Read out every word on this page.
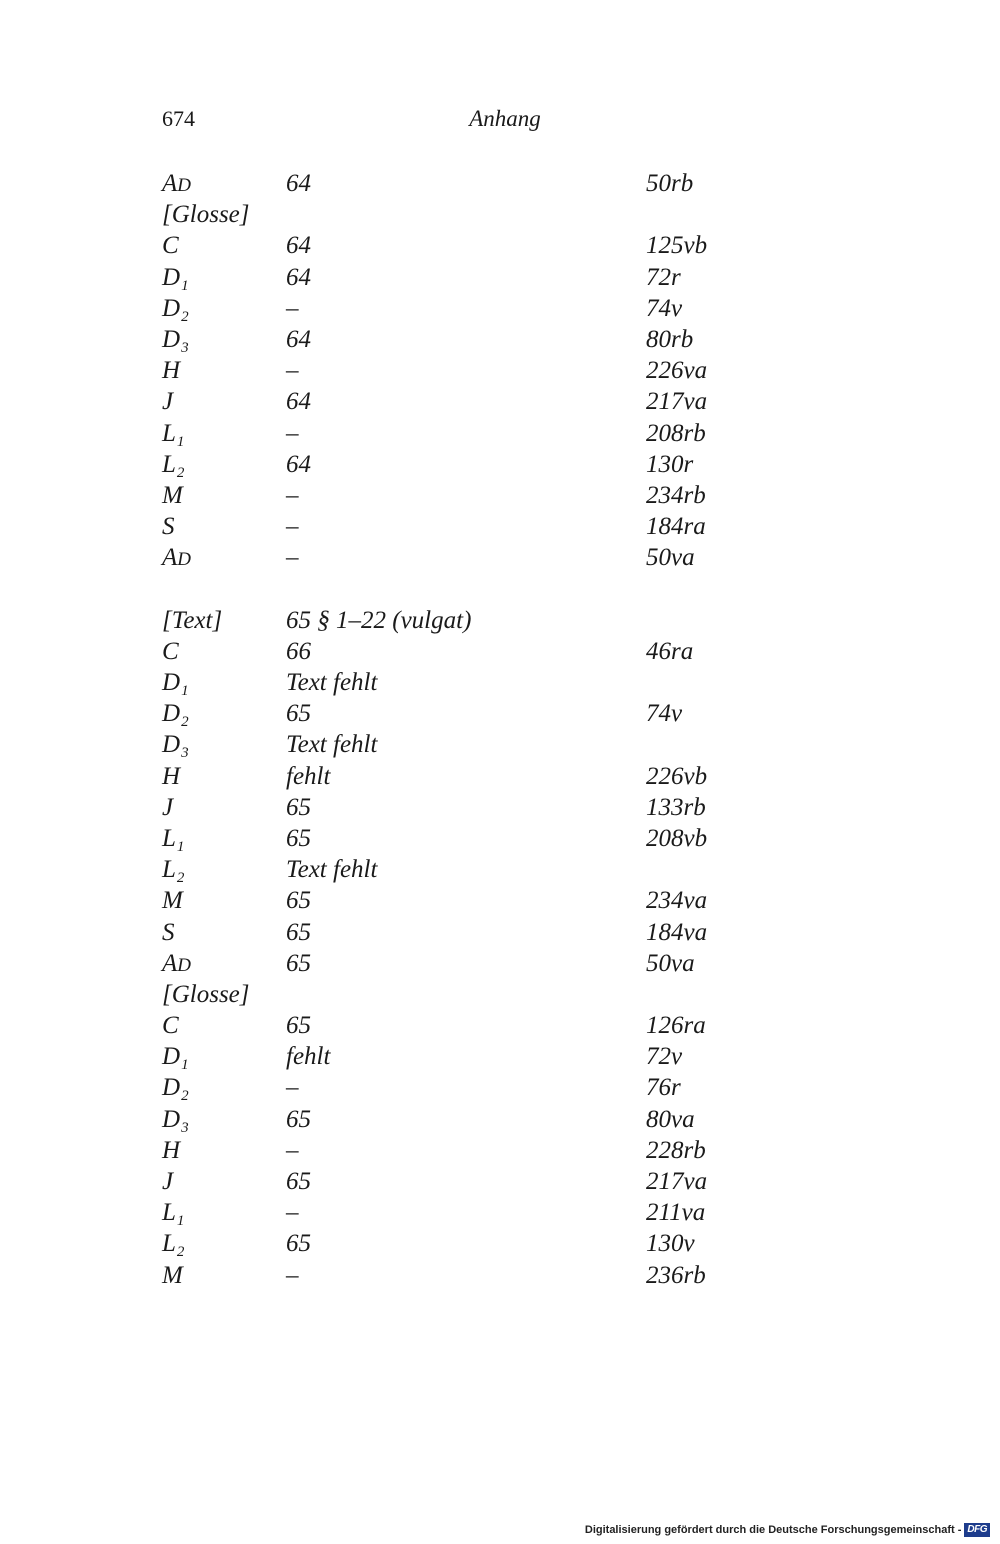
674	Anhang
AD	64	50rb
[Glosse]
C	64	125vb
$D_1$	64	72r
$D_2$	–	74v
$D_3$	64	80rb
H	–	226va
J	64	217va
$L_1$	–	208rb
$L_2$	64	130r
M	–	234rb
S	–	184ra
AD	–	50va
[Text]	65 § 1–22 (vulgat)
C	66	46ra
$D_1$	Text fehlt
$D_2$	65	74v
$D_3$	Text fehlt
H	fehlt	226vb
J	65	133rb
$L_1$	65	208vb
$L_2$	Text fehlt
M	65	234va
S	65	184va
AD	65	50va
[Glosse]
C	65	126ra
$D_1$	fehlt	72v
$D_2$	–	76r
$D_3$	65	80va
H	–	228rb
J	65	217va
$L_1$	–	211va
$L_2$	65	130v
M	–	236rb
Digitalisierung gefördert durch die Deutsche Forschungsgemeinschaft - DFG
